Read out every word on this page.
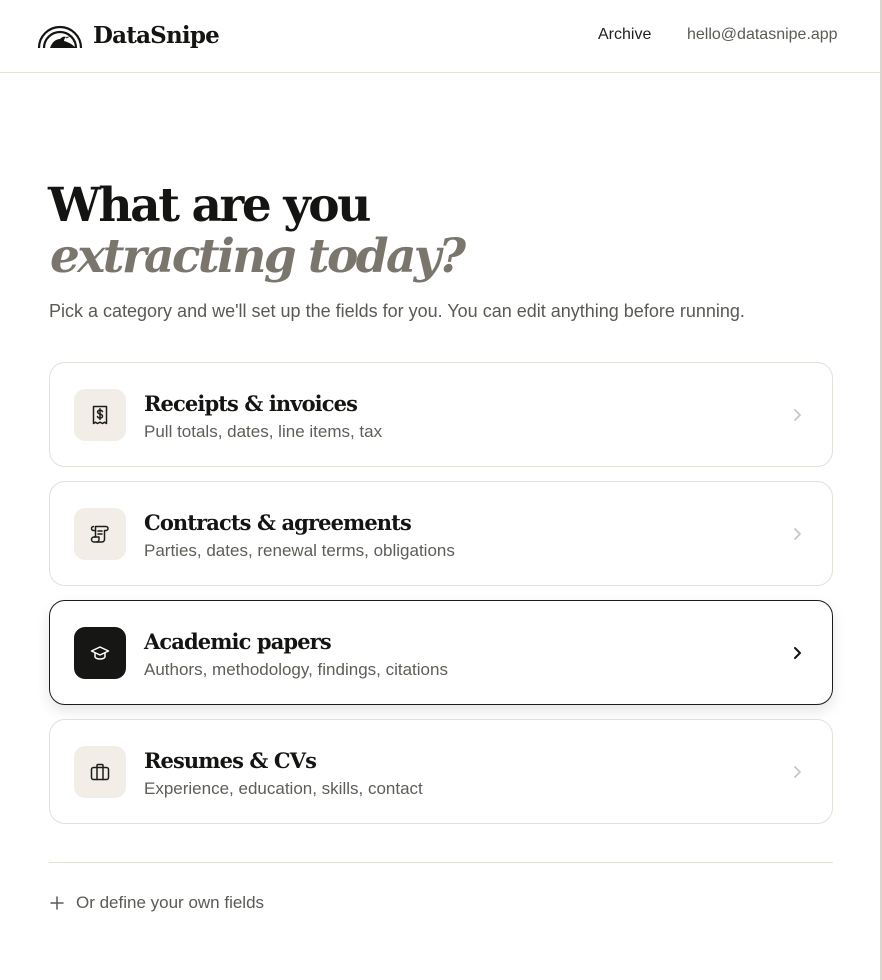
DataSnipe	Archive hello@datasnipe.app
What are you
extracting today?

Pick a category and we'll set up the fields for you. You can edit anything before running.

Receipts & invoices
Pull totals, dates, line items, tax
Contracts & agreements
Parties, dates, renewal terms, obligations
Academic papers
Authors, methodology, findings, citations
Resumes & CVs
Experience, education, skills, contact
Or define your own fields
